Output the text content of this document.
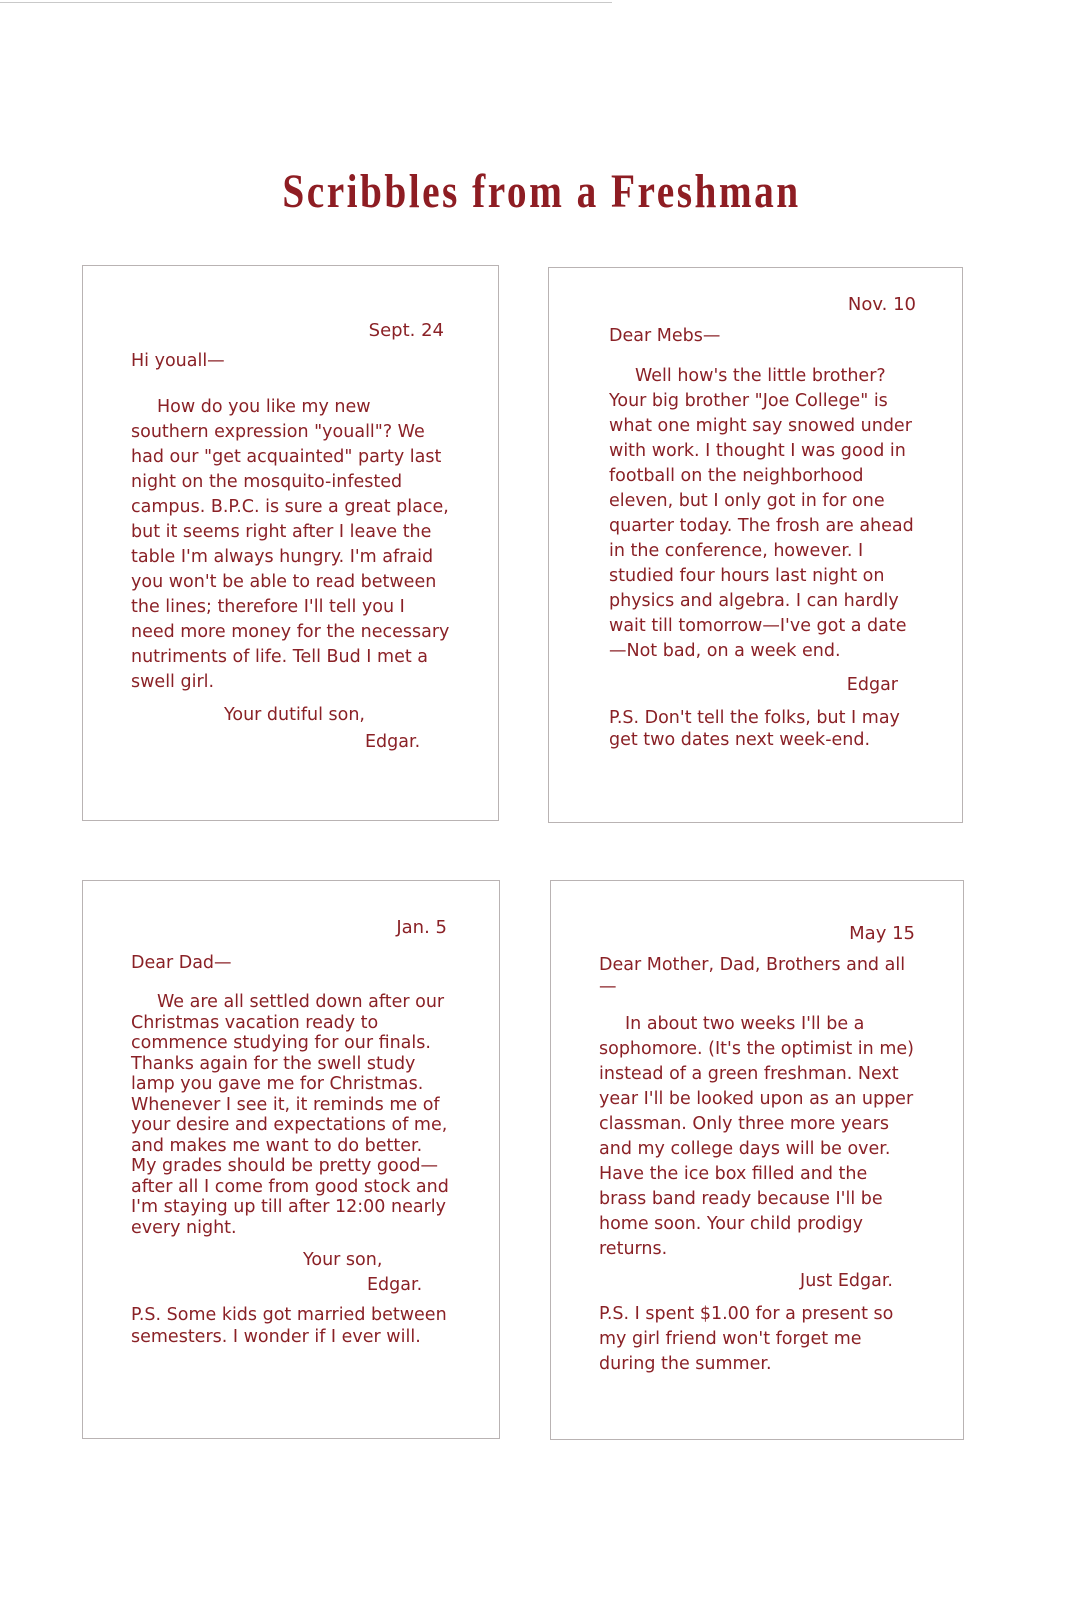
Scribbles from a Freshman

Sept. 24

Hi youall—

How do you like my new southern expression "youall"? We had our "get acquainted" party last night on the mosquito-infested campus. B.P.C. is sure a great place, but it seems right after I leave the table I'm always hungry. I'm afraid you won't be able to read between the lines; therefore I'll tell you I need more money for the necessary nutriments of life. Tell Bud I met a swell girl.

Your dutiful son,

Edgar.

Nov. 10

Dear Mebs—

Well how's the little brother? Your big brother "Joe College" is what one might say snowed under with work. I thought I was good in football on the neighborhood eleven, but I only got in for one quarter today. The frosh are ahead in the conference, however. I studied four hours last night on physics and algebra. I can hardly wait till tomorrow—I've got a date—Not bad, on a week end.

Edgar

P.S. Don't tell the folks, but I may get two dates next week-end.

Jan. 5

Dear Dad—

We are all settled down after our Christmas vacation ready to commence studying for our finals. Thanks again for the swell study lamp you gave me for Christmas. Whenever I see it, it reminds me of your desire and expectations of me, and makes me want to do better. My grades should be pretty good—after all I come from good stock and I'm staying up till after 12:00 nearly every night.

Your son,

Edgar.

P.S. Some kids got married between semesters. I wonder if I ever will.

May 15

Dear Mother, Dad, Brothers and all—

In about two weeks I'll be a sophomore. (It's the optimist in me) instead of a green freshman. Next year I'll be looked upon as an upper classman. Only three more years and my college days will be over. Have the ice box filled and the brass band ready because I'll be home soon. Your child prodigy returns.

Just Edgar.

P.S. I spent $1.00 for a present so my girl friend won't forget me during the summer.
